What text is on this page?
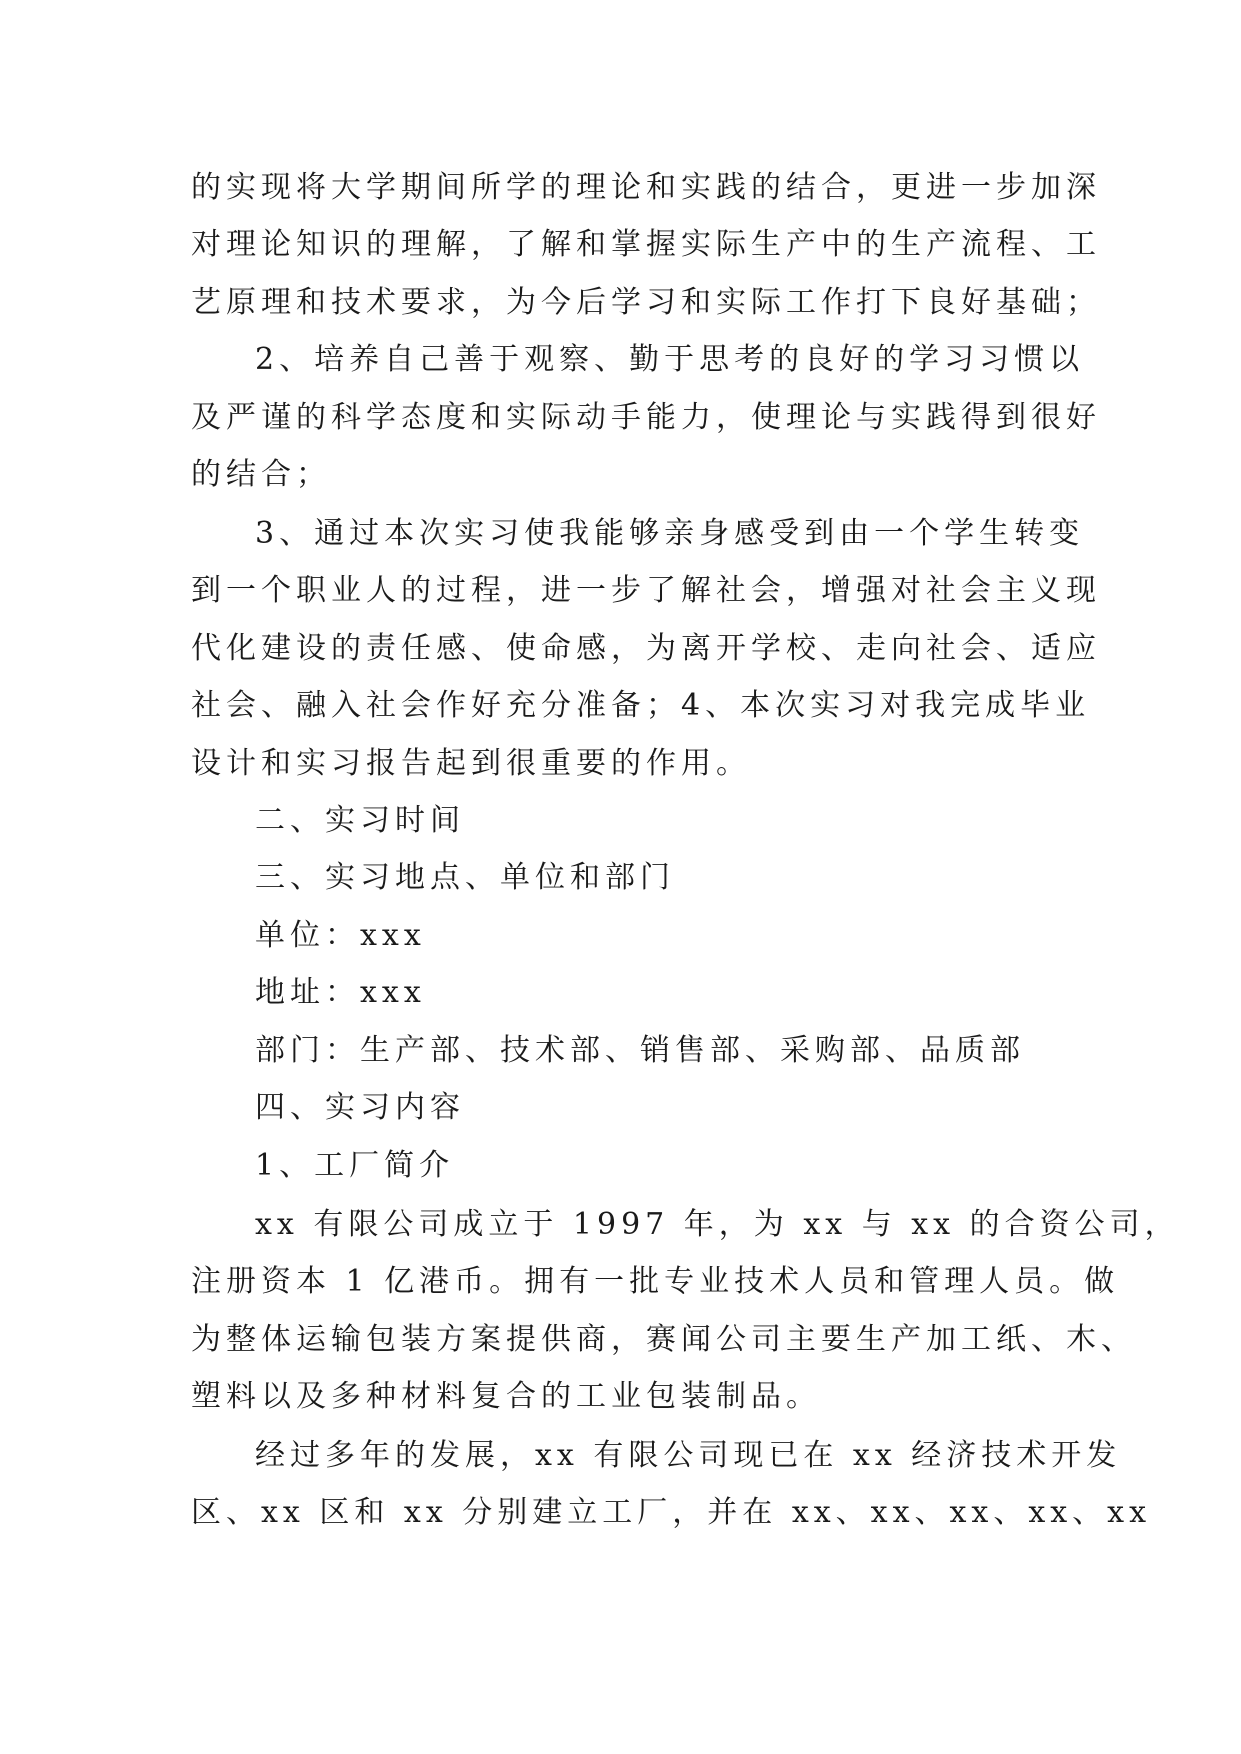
的实现将大学期间所学的理论和实践的结合，更进一步加深
对理论知识的理解，了解和掌握实际生产中的生产流程、工
艺原理和技术要求，为今后学习和实际工作打下良好基础；
2、培养自己善于观察、勤于思考的良好的学习习惯以
及严谨的科学态度和实际动手能力，使理论与实践得到很好
的结合；
3、通过本次实习使我能够亲身感受到由一个学生转变
到一个职业人的过程，进一步了解社会，增强对社会主义现
代化建设的责任感、使命感，为离开学校、走向社会、适应
社会、融入社会作好充分准备；4、本次实习对我完成毕业
设计和实习报告起到很重要的作用。
二、实习时间
三、实习地点、单位和部门
单位：xxx
地址：xxx
部门：生产部、技术部、销售部、采购部、品质部
四、实习内容
1、工厂简介
xx 有限公司成立于 1997 年，为 xx 与 xx 的合资公司，
注册资本 1 亿港币。拥有一批专业技术人员和管理人员。做
为整体运输包装方案提供商，赛闻公司主要生产加工纸、木、
塑料以及多种材料复合的工业包装制品。
经过多年的发展，xx 有限公司现已在 xx 经济技术开发
区、xx 区和 xx 分别建立工厂，并在 xx、xx、xx、xx、xx
